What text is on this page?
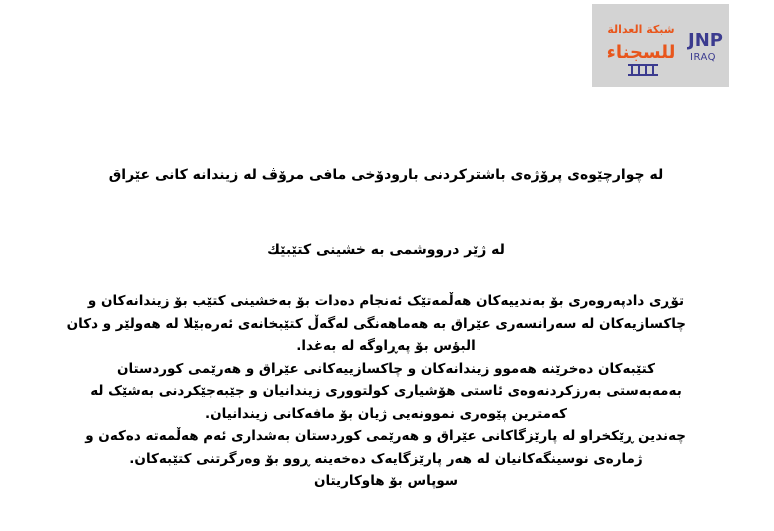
شبكة العدالة
للسجناء
JNP
IRAQ
له چوارچێوەی پرۆژەی باشترکردنی بارودۆخی مافی مرۆڤ له زیندانه کانی عێراق
له ژێر درووشمی به خشینی کتێبێك
تۆڕی دادپەروەری بۆ بەندییەکان هەڵمەتێک ئەنجام دەدات بۆ بەخشینی کتێب بۆ زیندانەکان و
چاکسازیەکان لە سەرانسەری عێراق بە هەماهەنگی لەگەڵ کتێبخانەی ئەرەبێلا لە هەولێر و دکان
البؤس بۆ پەڕاوگە لە بەغدا.
کتێبەکان دەخرێنە هەموو زیندانەکان و چاکسازییەکانی عێراق و هەرێمی کوردستان
بەمەبەستی بەرزکردنەوەی ئاستی هۆشیاری کولتووری زیندانیان و جێبەجێکردنی بەشێک لە
کەمترین پێوەری نموونەیی ژیان بۆ مافەکانی زیندانیان.
چەندین ڕێکخراو لە پارێزگاکانی عێراق و هەرێمی کوردستان بەشداری ئەم هەڵمەتە دەکەن و
ژمارەی نوسینگەکانیان لە هەر پارێزگایەک دەخەینە ڕوو بۆ وەرگرتنی کتێبەکان.
سوپاس بۆ هاوکاریتان
